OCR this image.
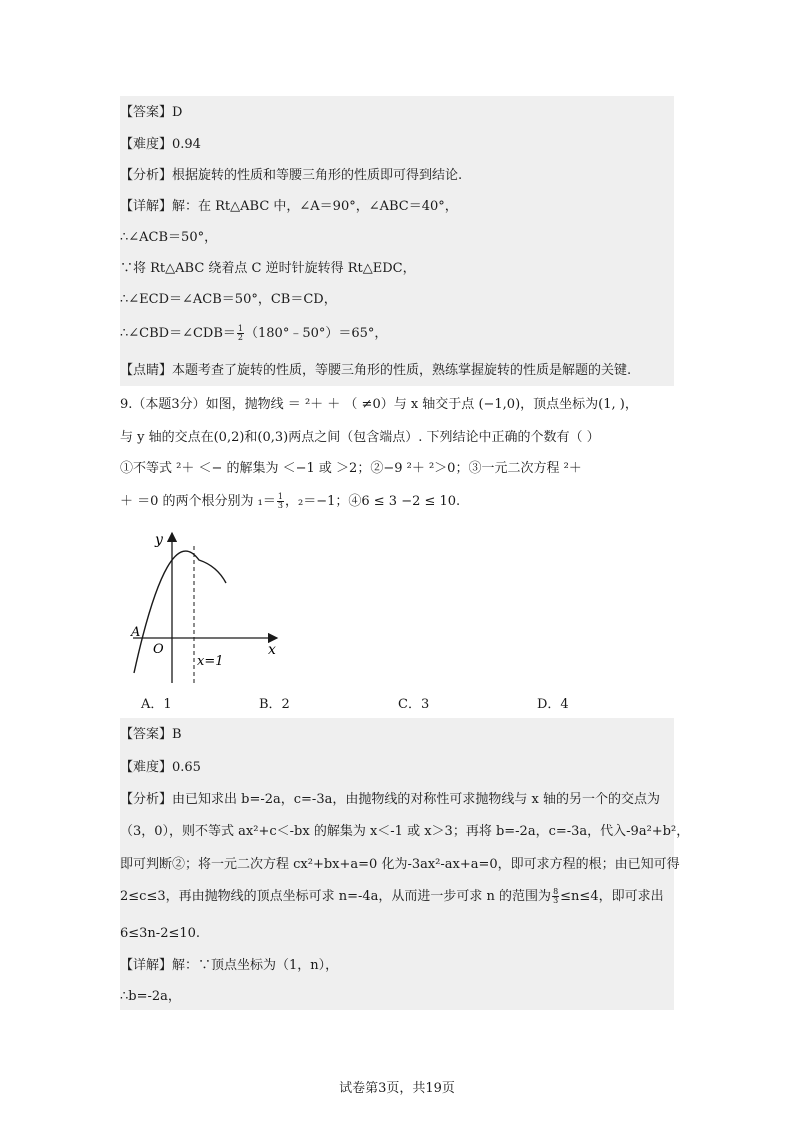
【答案】D
【难度】0.94
【分析】根据旋转的性质和等腰三角形的性质即可得到结论.
【详解】解：在 Rt△ABC 中，∠A＝90°，∠ABC＝40°，
∴∠ACB＝50°，
∵将 Rt△ABC 绕着点 C 逆时针旋转得 Rt△EDC，
∴∠ECD＝∠ACB＝50°，CB＝CD，
∴∠CBD＝∠CDB＝ $\frac{1}{2}$ （180°﹣50°）＝65°，
【点睛】本题考查了旋转的性质，等腰三角形的性质，熟练掌握旋转的性质是解题的关键.
9.（本题3分）如图，抛物线 ＝ ²＋ ＋ （ ≠0）与 x 轴交于点 (−1,0)，顶点坐标为(1, )，
与 y 轴的交点在(0,2)和(0,3)两点之间（包含端点）. 下列结论中正确的个数有（ ）
①不等式 ²＋ ＜− 的解集为 ＜−1 或 ＞2；②−9 ²＋ ²＞0；③一元二次方程 ²＋
＋ ＝0 的两个根分别为 $_1= \frac{1}{3}$ ，₂＝−1；④6 ≤ 3 −2 ≤ 10.
y
x
O
A
x=1
A．1	B．2	C．3	D．4
【答案】B
【难度】0.65
【分析】由已知求出 b=-2a，c=-3a，由抛物线的对称性可求抛物线与 x 轴的另一个的交点为
（3，0），则不等式 ax²+c＜-bx 的解集为 x＜-1 或 x＞3；再将 b=-2a，c=-3a，代入-9a²+b²，
即可判断②；将一元二次方程 cx²+bx+a=0 化为-3ax²-ax+a=0，即可求方程的根；由已知可得
2≤c≤3，再由抛物线的顶点坐标可求 n=-4a，从而进一步可求 n 的范围为 $\frac{8}{3} \le n\le 4$，即可求出
6≤3n-2≤10.
【详解】解：∵顶点坐标为（1，n），
∴b=-2a，
试卷第3页，共19页
